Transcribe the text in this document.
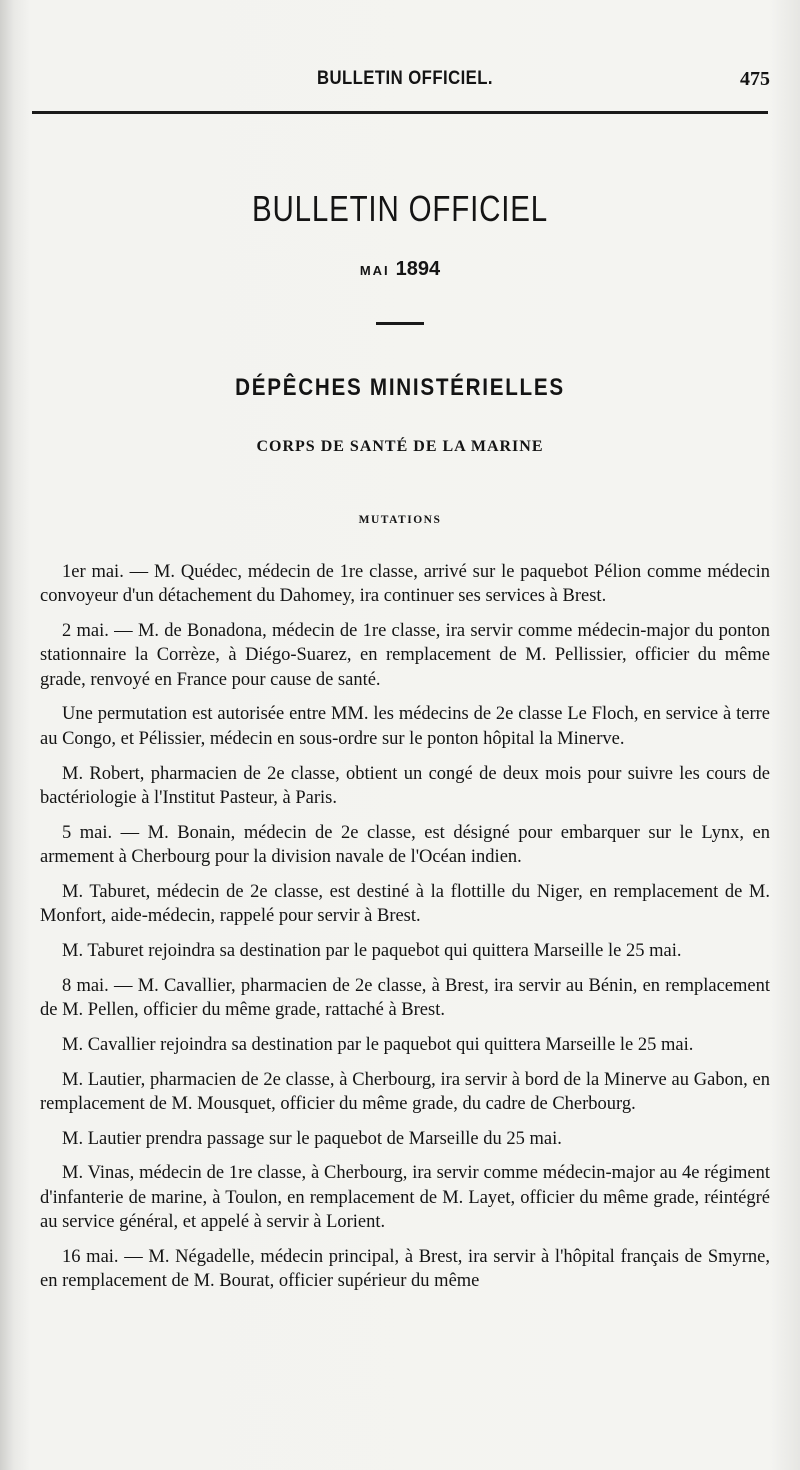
BULLETIN OFFICIEL.	475
BULLETIN OFFICIEL
MAI 1894
DÉPÊCHES MINISTÉRIELLES
CORPS DE SANTÉ DE LA MARINE
MUTATIONS

1er mai. — M. Quédec, médecin de 1re classe, arrivé sur le paquebot Pélion comme médecin convoyeur d'un détachement du Dahomey, ira continuer ses services à Brest.

2 mai. — M. de Bonadona, médecin de 1re classe, ira servir comme médecin-major du ponton stationnaire la Corrèze, à Diégo-Suarez, en remplacement de M. Pellissier, officier du même grade, renvoyé en France pour cause de santé.

Une permutation est autorisée entre MM. les médecins de 2e classe Le Floch, en service à terre au Congo, et Pélissier, médecin en sous-ordre sur le ponton hôpital la Minerve.

M. Robert, pharmacien de 2e classe, obtient un congé de deux mois pour suivre les cours de bactériologie à l'Institut Pasteur, à Paris.

5 mai. — M. Bonain, médecin de 2e classe, est désigné pour embarquer sur le Lynx, en armement à Cherbourg pour la division navale de l'Océan indien.

M. Taburet, médecin de 2e classe, est destiné à la flottille du Niger, en remplacement de M. Monfort, aide-médecin, rappelé pour servir à Brest.

M. Taburet rejoindra sa destination par le paquebot qui quittera Marseille le 25 mai.

8 mai. — M. Cavallier, pharmacien de 2e classe, à Brest, ira servir au Bénin, en remplacement de M. Pellen, officier du même grade, rattaché à Brest.

M. Cavallier rejoindra sa destination par le paquebot qui quittera Marseille le 25 mai.

M. Lautier, pharmacien de 2e classe, à Cherbourg, ira servir à bord de la Minerve au Gabon, en remplacement de M. Mousquet, officier du même grade, du cadre de Cherbourg.

M. Lautier prendra passage sur le paquebot de Marseille du 25 mai.

M. Vinas, médecin de 1re classe, à Cherbourg, ira servir comme médecin-major au 4e régiment d'infanterie de marine, à Toulon, en remplacement de M. Layet, officier du même grade, réintégré au service général, et appelé à servir à Lorient.

16 mai. — M. Négadelle, médecin principal, à Brest, ira servir à l'hôpital français de Smyrne, en remplacement de M. Bourat, officier supérieur du même
